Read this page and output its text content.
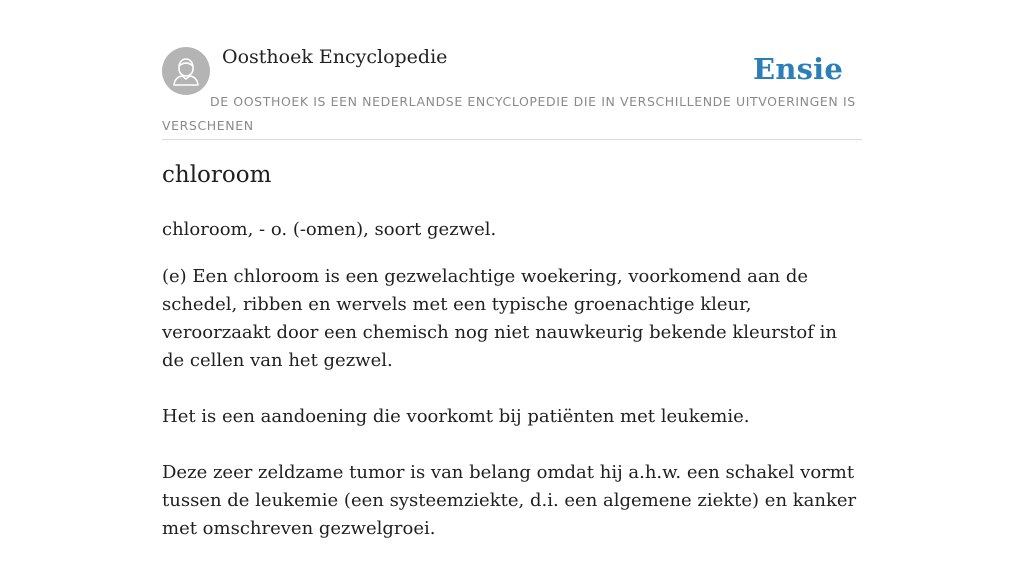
Oosthoek Encyclopedie	Ensie
DE OOSTHOEK IS EEN NEDERLANDSE ENCYCLOPEDIE DIE IN VERSCHILLENDE UITVOERINGEN IS VERSCHENEN
chloroom
chloroom, - o. (-omen), soort gezwel.

(e) Een chloroom is een gezwelachtige woekering, voorkomend aan de schedel, ribben en wervels met een typische groenachtige kleur, veroorzaakt door een chemisch nog niet nauwkeurig bekende kleurstof in de cellen van het gezwel.

Het is een aandoening die voorkomt bij patiënten met leukemie.

Deze zeer zeldzame tumor is van belang omdat hij a.h.w. een schakel vormt tussen de leukemie (een systeemziekte, d.i. een algemene ziekte) en kanker met omschreven gezwelgroei.
